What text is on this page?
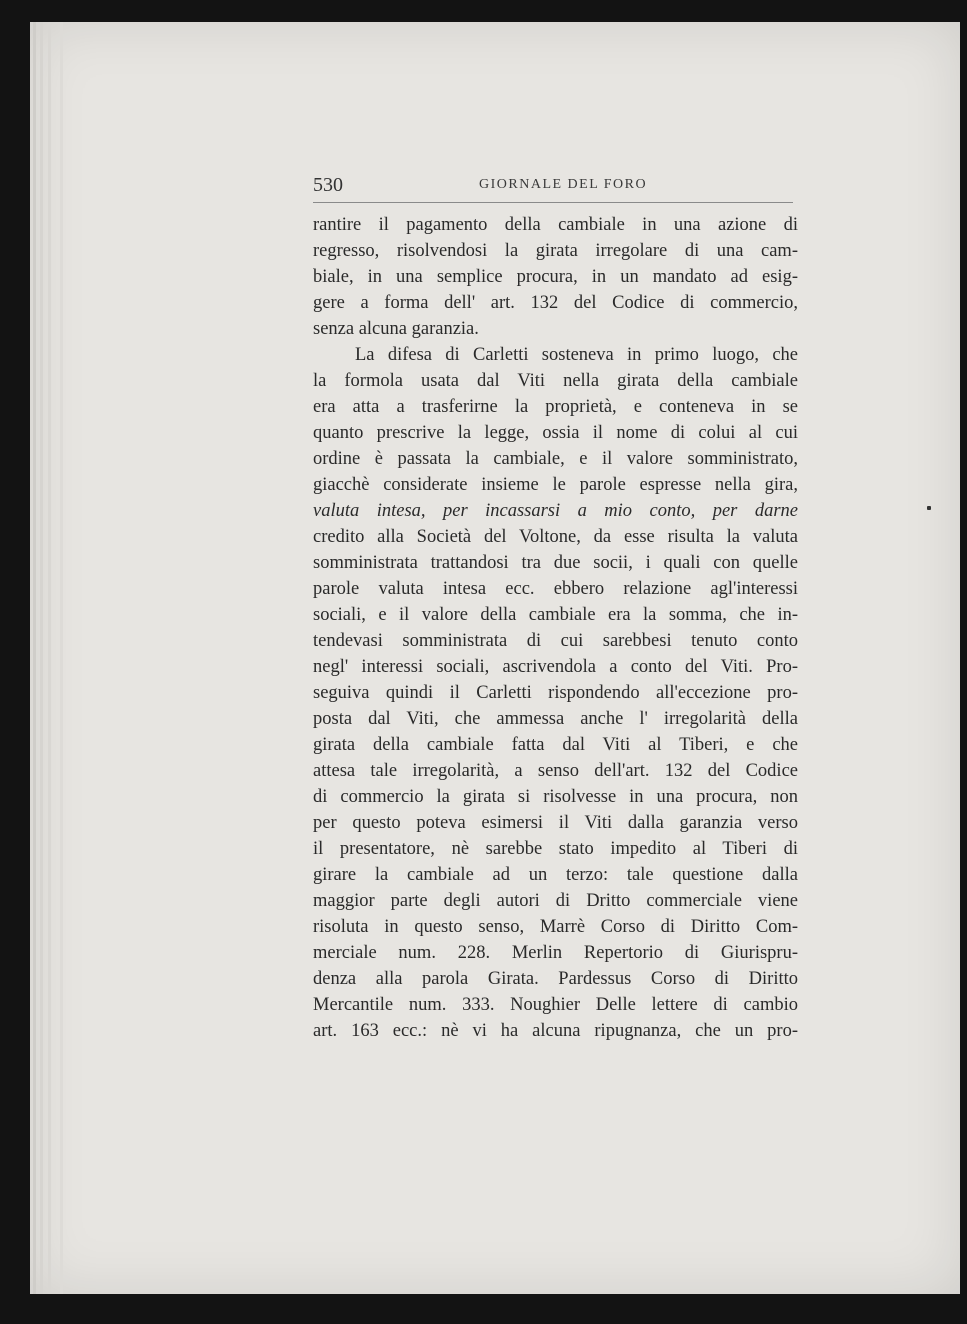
530	GIORNALE DEL FORO
rantire il pagamento della cambiale in una azione di
regresso, risolvendosi la girata irregolare di una cam-
biale, in una semplice procura, in un mandato ad esig-
gere a forma dell' art. 132 del Codice di commercio,
senza alcuna garanzia.
La difesa di Carletti sosteneva in primo luogo, che
la formola usata dal Viti nella girata della cambiale
era atta a trasferirne la proprietà, e conteneva in se
quanto prescrive la legge, ossia il nome di colui al cui
ordine è passata la cambiale, e il valore somministrato,
giacchè considerate insieme le parole espresse nella gira,
valuta intesa, per incassarsi a mio conto, per darne
credito alla Società del Voltone, da esse risulta la valuta
somministrata trattandosi tra due socii, i quali con quelle
parole valuta intesa ecc. ebbero relazione agl'interessi
sociali, e il valore della cambiale era la somma, che in-
tendevasi somministrata di cui sarebbesi tenuto conto
negl' interessi sociali, ascrivendola a conto del Viti. Pro-
seguiva quindi il Carletti rispondendo all'eccezione pro-
posta dal Viti, che ammessa anche l' irregolarità della
girata della cambiale fatta dal Viti al Tiberi, e che
attesa tale irregolarità, a senso dell'art. 132 del Codice
di commercio la girata si risolvesse in una procura, non
per questo poteva esimersi il Viti dalla garanzia verso
il presentatore, nè sarebbe stato impedito al Tiberi di
girare la cambiale ad un terzo: tale questione dalla
maggior parte degli autori di Dritto commerciale viene
risoluta in questo senso, Marrè Corso di Diritto Com-
merciale num. 228. Merlin Repertorio di Giurispru-
denza alla parola Girata. Pardessus Corso di Diritto
Mercantile num. 333. Noughier Delle lettere di cambio
art. 163 ecc.: nè vi ha alcuna ripugnanza, che un pro-
